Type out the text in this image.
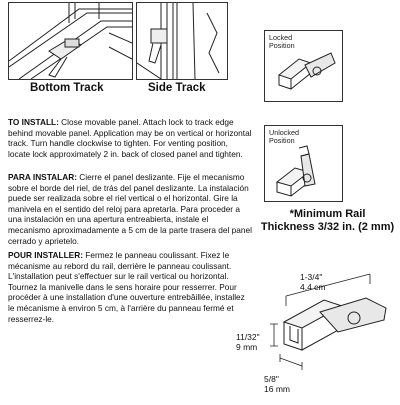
Bottom Track	Side Track
Locked Position
Unlocked Position
*Minimum Rail
Thickness 3/32 in. (2 mm)
TO INSTALL: Close movable panel. Attach lock to track edge behind movable panel. Application may be on vertical or horizontal track. Turn handle clockwise to tighten. For venting position, locate lock approximately 2 in. back of closed panel and tighten.
PARA INSTALAR: Cierre el panel deslizante. Fije el mecanismo sobre el borde del riel, de trás del panel deslizante. La instalación puede ser realizada sobre el riel vertical o el horizontal. Gire la manivela en el sentido del reloj para apretarla. Para proceder a una instalación en una apertura entreabierta, instale el mecanismo aproximadamente a 5 cm de la parte trasera del panel cerrado y aprietelo.
POUR INSTALLER: Fermez le panneau coulissant. Fixez le mécanisme au rebord du rail, derrière le panneau coulissant. L'installation peut s'effectuer sur le rail vertical ou horizontal. Tournez la manivelle dans le sens horaire pour resserrer. Pour procéder à une installation d'une ouverture entrebâillée, installez le mécanisme à environ 5 cm, à l'arrière du panneau fermé et resserrez-le.
1-3/4"
4.4 cm
11/32"
9 mm
5/8"
16 mm
